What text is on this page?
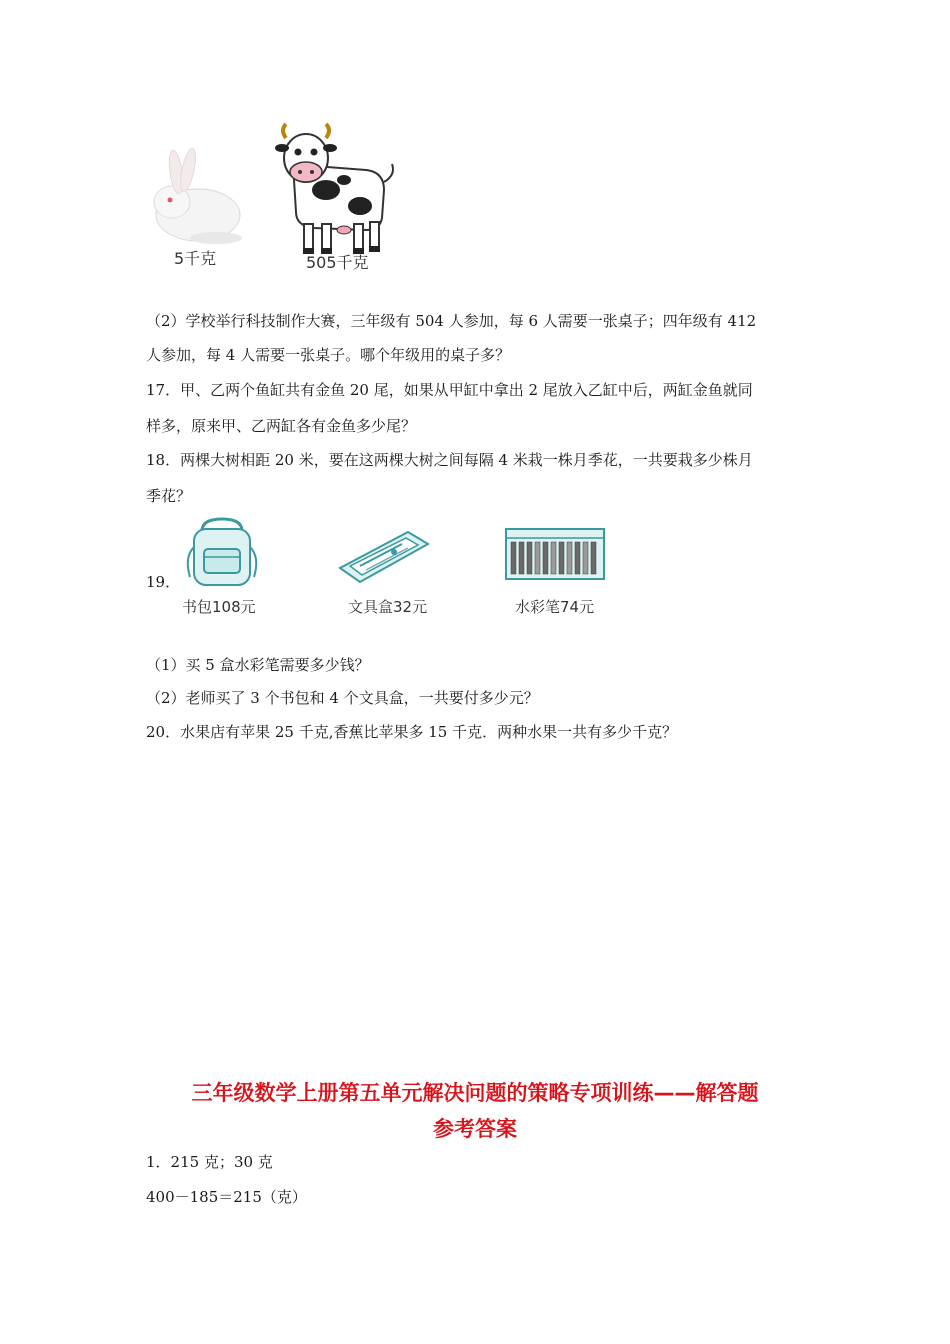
5千克	505千克
（2）学校举行科技制作大赛，三年级有 504 人参加，每 6 人需要一张桌子；四年级有 412
人参加，每 4 人需要一张桌子。哪个年级用的桌子多？
17．甲、乙两个鱼缸共有金鱼 20 尾，如果从甲缸中拿出 2 尾放入乙缸中后，两缸金鱼就同
样多，原来甲、乙两缸各有金鱼多少尾？
18．两棵大树相距 20 米，要在这两棵大树之间每隔 4 米栽一株月季花，一共要栽多少株月
季花？
19．
书包108元	文具盒32元	水彩笔74元
（1）买 5 盒水彩笔需要多少钱？
（2）老师买了 3 个书包和 4 个文具盒，一共要付多少元？
20．水果店有苹果 25 千克,香蕉比苹果多 15 千克．两种水果一共有多少千克？
三年级数学上册第五单元解决问题的策略专项训练——解答题
参考答案
1．215 克；30 克
400－185＝215（克）
